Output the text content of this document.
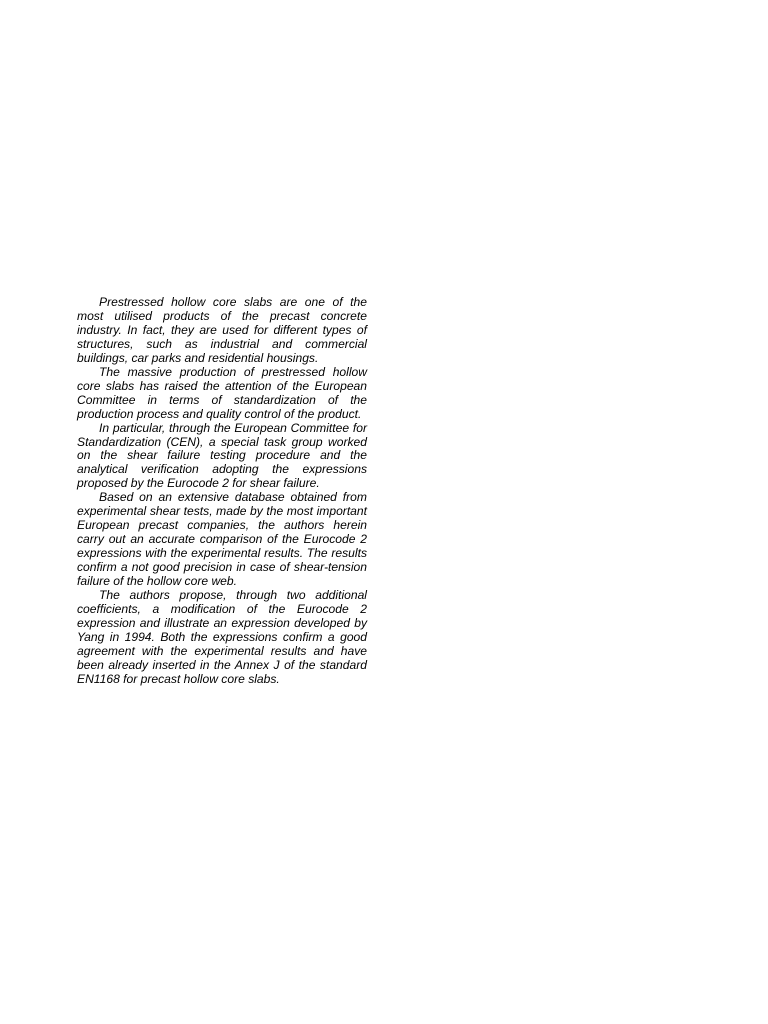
Prestressed hollow core slabs are one of the most utilised products of the precast concrete industry. In fact, they are used for different types of structures, such as industrial and commercial buildings, car parks and residential housings.

The massive production of prestressed hollow core slabs has raised the attention of the European Committee in terms of standardization of the production process and quality control of the product.

In particular, through the European Committee for Standardization (CEN), a special task group worked on the shear failure testing procedure and the analytical verification adopting the expressions proposed by the Eurocode 2 for shear failure.

Based on an extensive database obtained from experimental shear tests, made by the most important European precast companies, the authors herein carry out an accurate comparison of the Eurocode 2 expressions with the experimental results. The results confirm a not good precision in case of shear-tension failure of the hollow core web.

The authors propose, through two additional coefficients, a modification of the Eurocode 2 expression and illustrate an expression developed by Yang in 1994. Both the expressions confirm a good agreement with the experimental results and have been already inserted in the Annex J of the standard EN1168 for precast hollow core slabs.
